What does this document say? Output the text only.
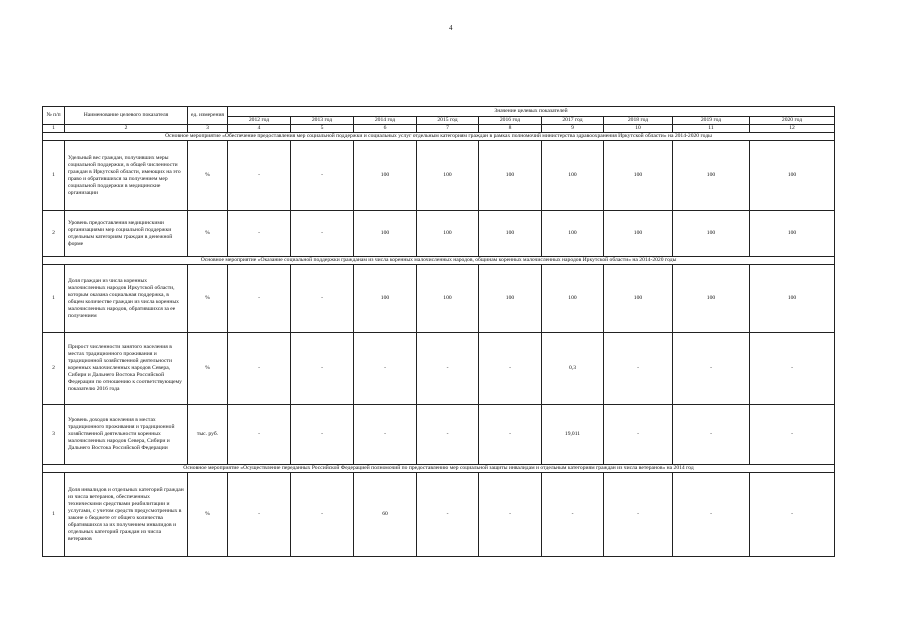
4
№ п/п	Наименование целевого показателя	ед. измерения	Значение целевых показателей								
			2012 год	2013 год	2014 год	2015 год	2016 год	2017 год	2018 год	2019 год	2020 год
1	2	3	4	5	6	7	8	9	10	11	12
Основное мероприятие «Обеспечение предоставления мер социальной поддержки и социальных услуг отдельным категориям граждан в рамках полномочий министерства здравоохранения Иркутской области» на 2014-2020 годы											
1	Удельный вес граждан, получивших меры социальной поддержки, в общей численности граждан в Иркутской области, имеющих на это право и обратившихся за получением мер социальной поддержки в медицинские организации	%	-	-	100	100	100	100	100	100	100
2	Уровень предоставления медицинскими организациями мер социальной поддержки отдельным категориям граждан в денежной форме	%	-	-	100	100	100	100	100	100	100
Основное мероприятие «Оказание социальной поддержки гражданам из числа коренных малочисленных народов, общинам коренных малочисленных народов Иркутской области» на 2014-2020 годы											
1	Доля граждан из числа коренных малочисленных народов Иркутской области, которым оказана социальная поддержка, в общем количестве граждан из числа коренных малочисленных народов, обратившихся за ее получением	%	-	-	100	100	100	100	100	100	100
2	Прирост численности занятого населения в местах традиционного проживания и традиционной хозяйственной деятельности коренных малочисленных народов Севера, Сибири и Дальнего Востока Российской Федерации по отношению к соответствующему показателю 2016 года	%	-	-	-	-	-	0,3	-	-	-
3	Уровень доходов населения в местах традиционного проживания и традиционной хозяйственной деятельности коренных малочисленных народов Севера, Сибири и Дальнего Востока Российской Федерации	тыс. руб.	-	-	-	-	-	19,011	-	-	-
Основное мероприятие «Осуществление переданных Российской Федерацией полномочий по предоставлению мер социальной защиты инвалидам и отдельным категориям граждан из числа ветеранов» на 2014 год											
1	Доля инвалидов и отдельных категорий граждан из числа ветеранов, обеспеченных техническими средствами реабилитации и услугами, с учетом средств предусмотренных в законе о бюджете от общего количества обратившихся за их получением инвалидов и отдельных категорий граждан из числа ветеранов	%	-	-	60	-	-	-	-	-	-
